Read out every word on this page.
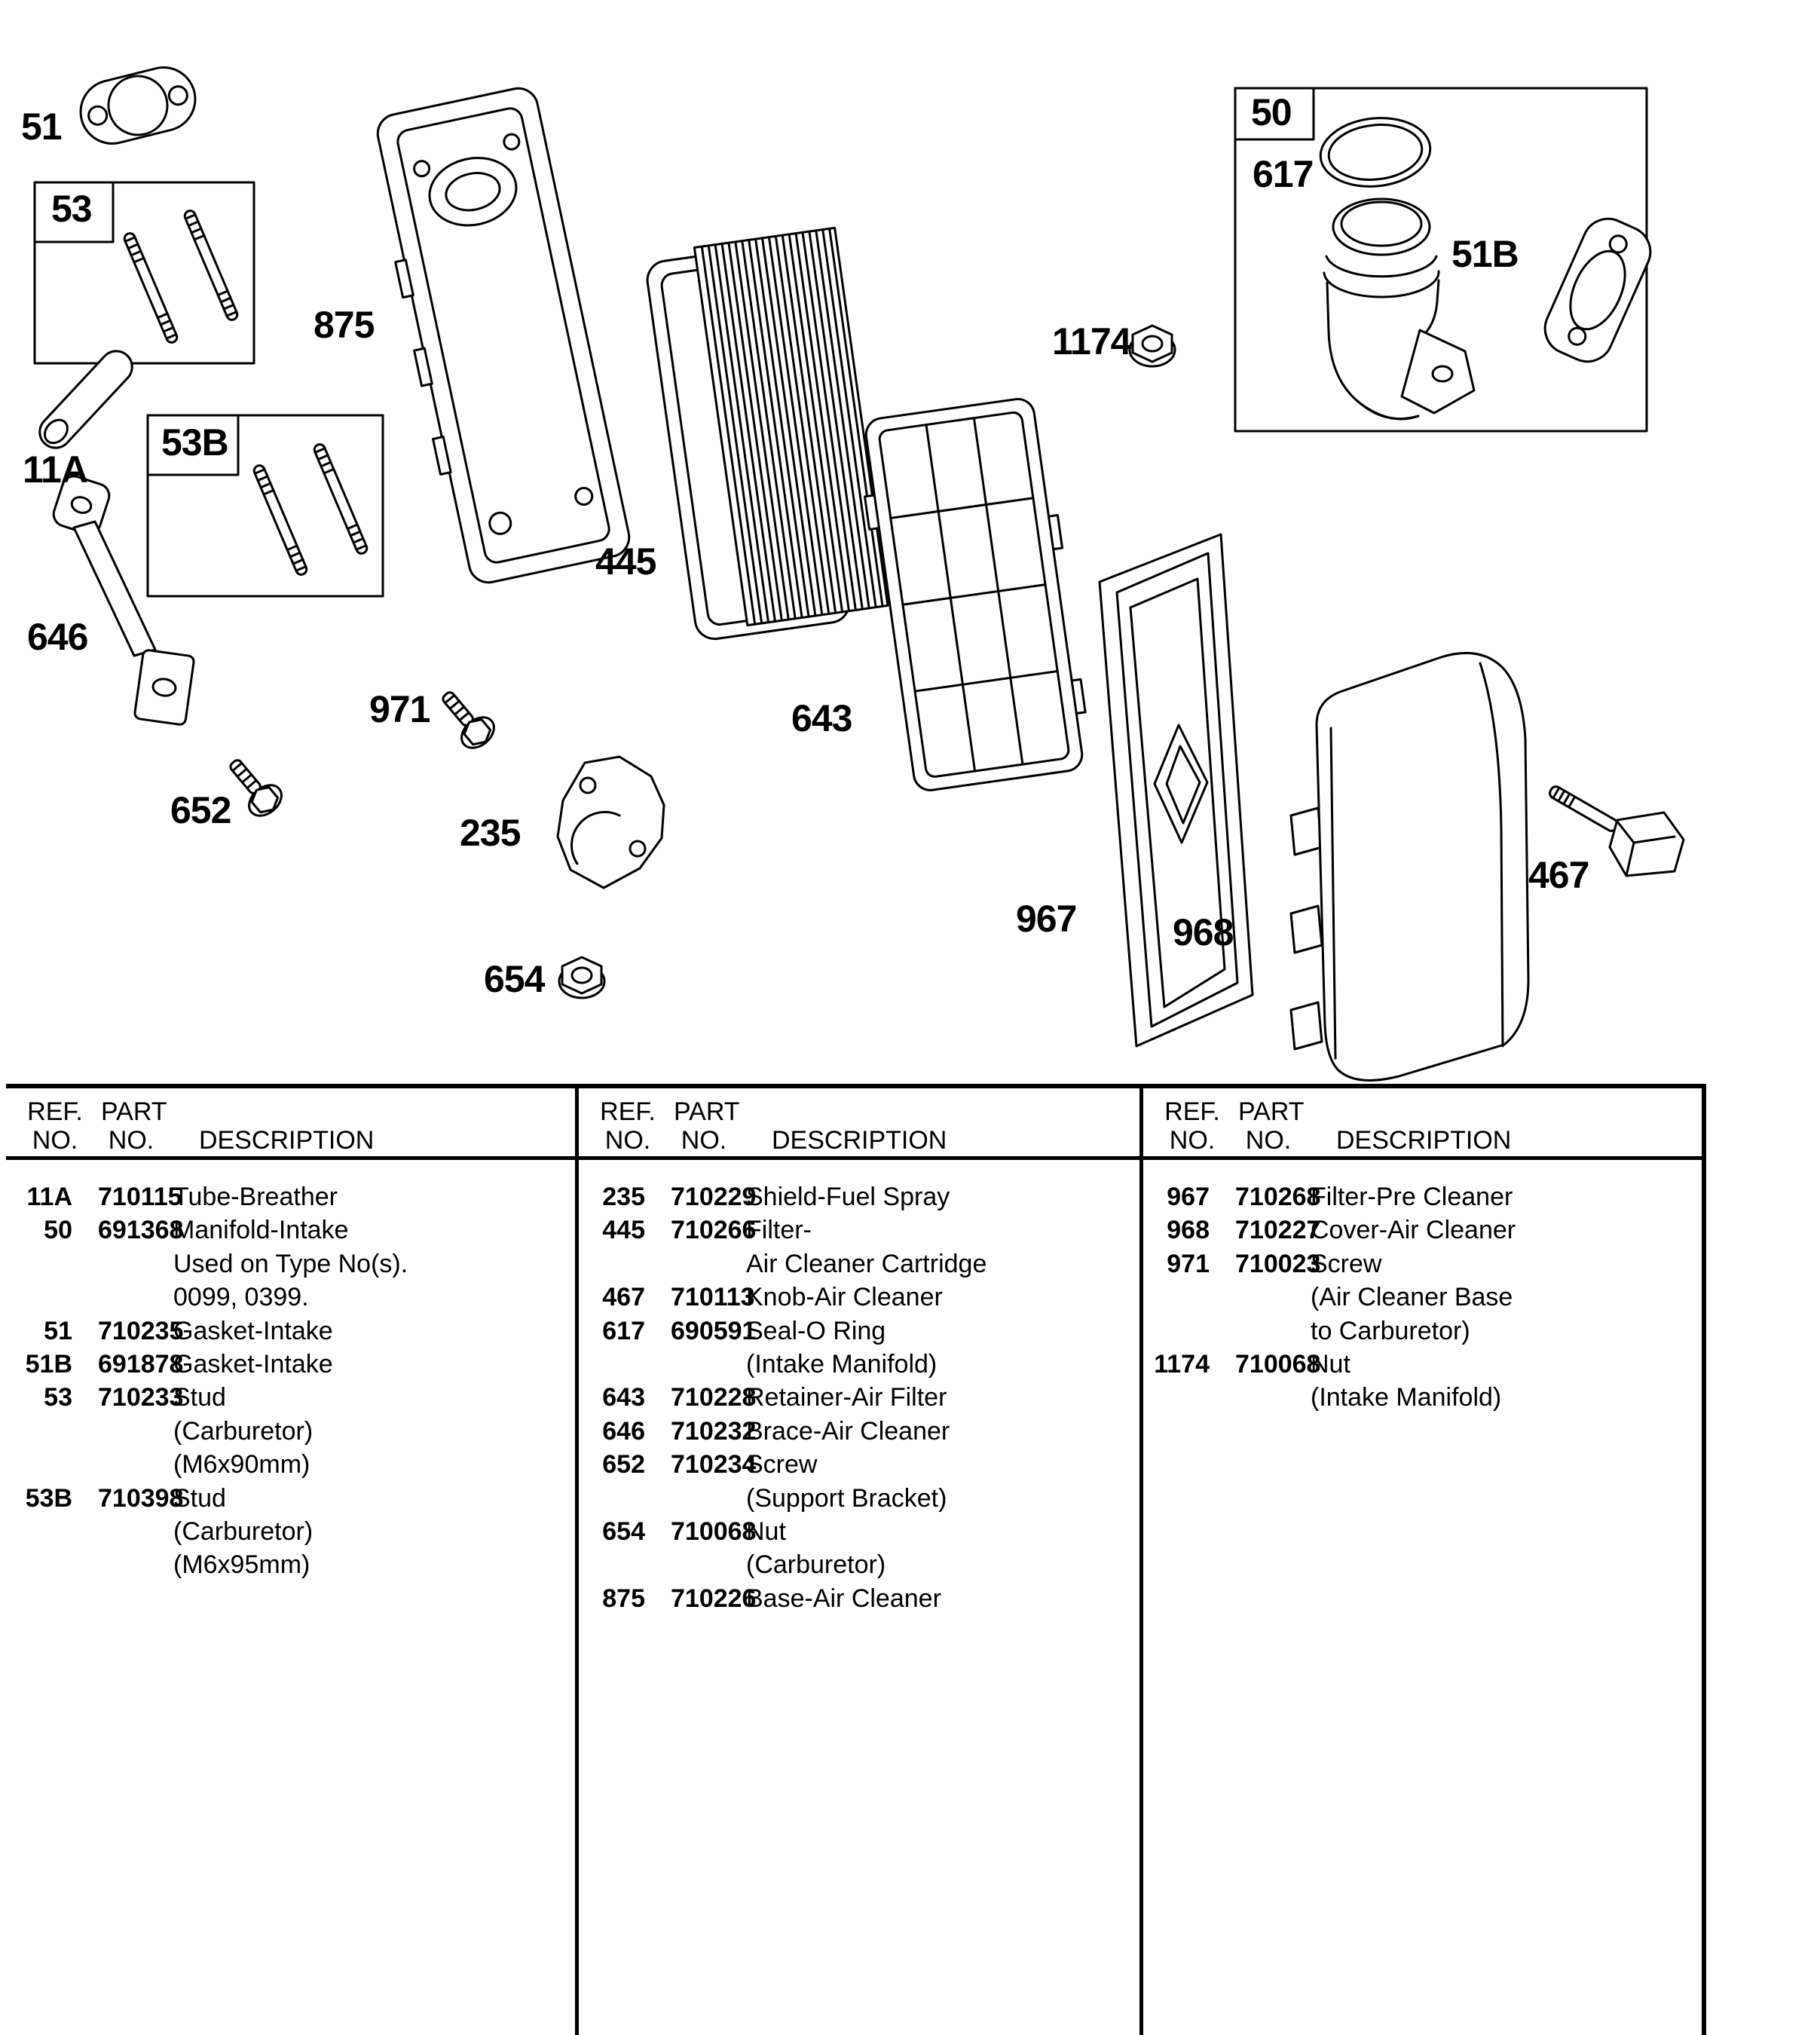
51
53
875
11A
53B
646
652
971
235
654
445
643
1174
50
617
51B
967	968
467
REF.
NO.
PART
NO. DESCRIPTION
11A 710115
Tube-Breather
50 691368
Manifold-Intake
Used on Type No(s).
0099, 0399.
51 710235
Gasket-Intake
51B 691878
Gasket-Intake
53 710233
Stud
(Carburetor)
(M6x90mm)
53B 710398
Stud
(Carburetor)
(M6x95mm)
REF.
NO.
PART
NO. DESCRIPTION
235 710229
Shield-Fuel Spray
445 710266
Filter-
Air Cleaner Cartridge
467 710113
Knob-Air Cleaner
617 690591
Seal-O Ring
(Intake Manifold)
643 710228
Retainer-Air Filter
646 710232
Brace-Air Cleaner
652 710234
Screw
(Support Bracket)
654 710068
Nut
(Carburetor)
875 710226
Base-Air Cleaner
REF.
NO.
PART
NO. DESCRIPTION
967 710268
Filter-Pre Cleaner
968 710227
Cover-Air Cleaner
971 710023
Screw
(Air Cleaner Base
to Carburetor)
1174 710068
Nut
(Intake Manifold)
